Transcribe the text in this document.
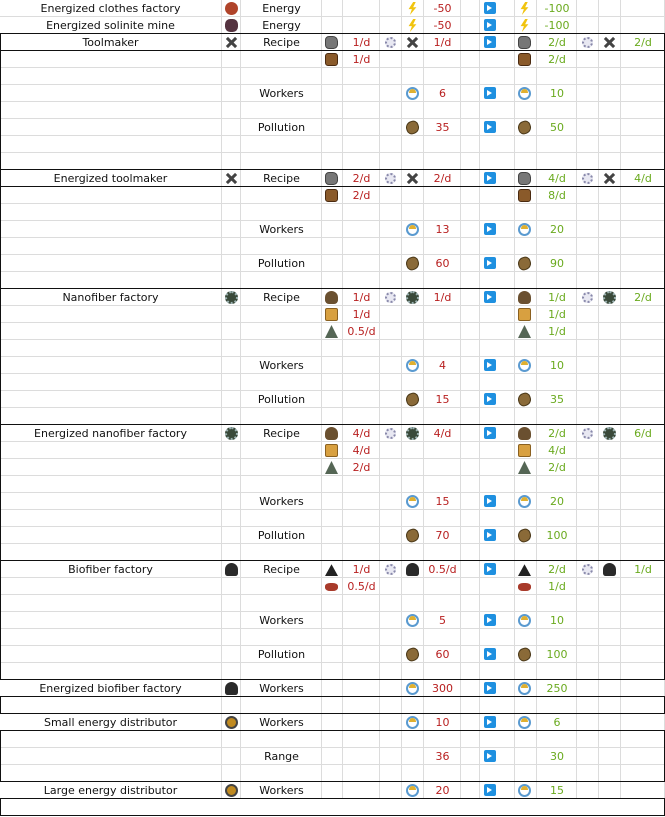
Energized clothes factory	Energy	-50	-100
Energized solinite mine	Energy	-50	-100
Toolmaker	Recipe	1/d	1/d	2/d	2/d
1/d	2/d
Workers	6	10
Pollution	35	50
Energized toolmaker	Recipe	2/d	2/d	4/d	4/d
2/d	8/d
Workers	13	20
Pollution	60	90
Nanofiber factory	Recipe	1/d	1/d	1/d	2/d
1/d	1/d
0.5/d	1/d
Workers	4	10
Pollution	15	35
Energized nanofiber factory	Recipe	4/d	4/d	2/d	6/d
4/d	4/d
2/d	2/d
Workers	15	20
Pollution	70	100
Biofiber factory	Recipe	1/d	0.5/d	2/d	1/d
0.5/d	1/d
Workers	5	10
Pollution	60	100
Energized biofiber factory	Workers	300	250
Small energy distributor	Workers	10	6
Range	36	30
Large energy distributor	Workers	20	15
